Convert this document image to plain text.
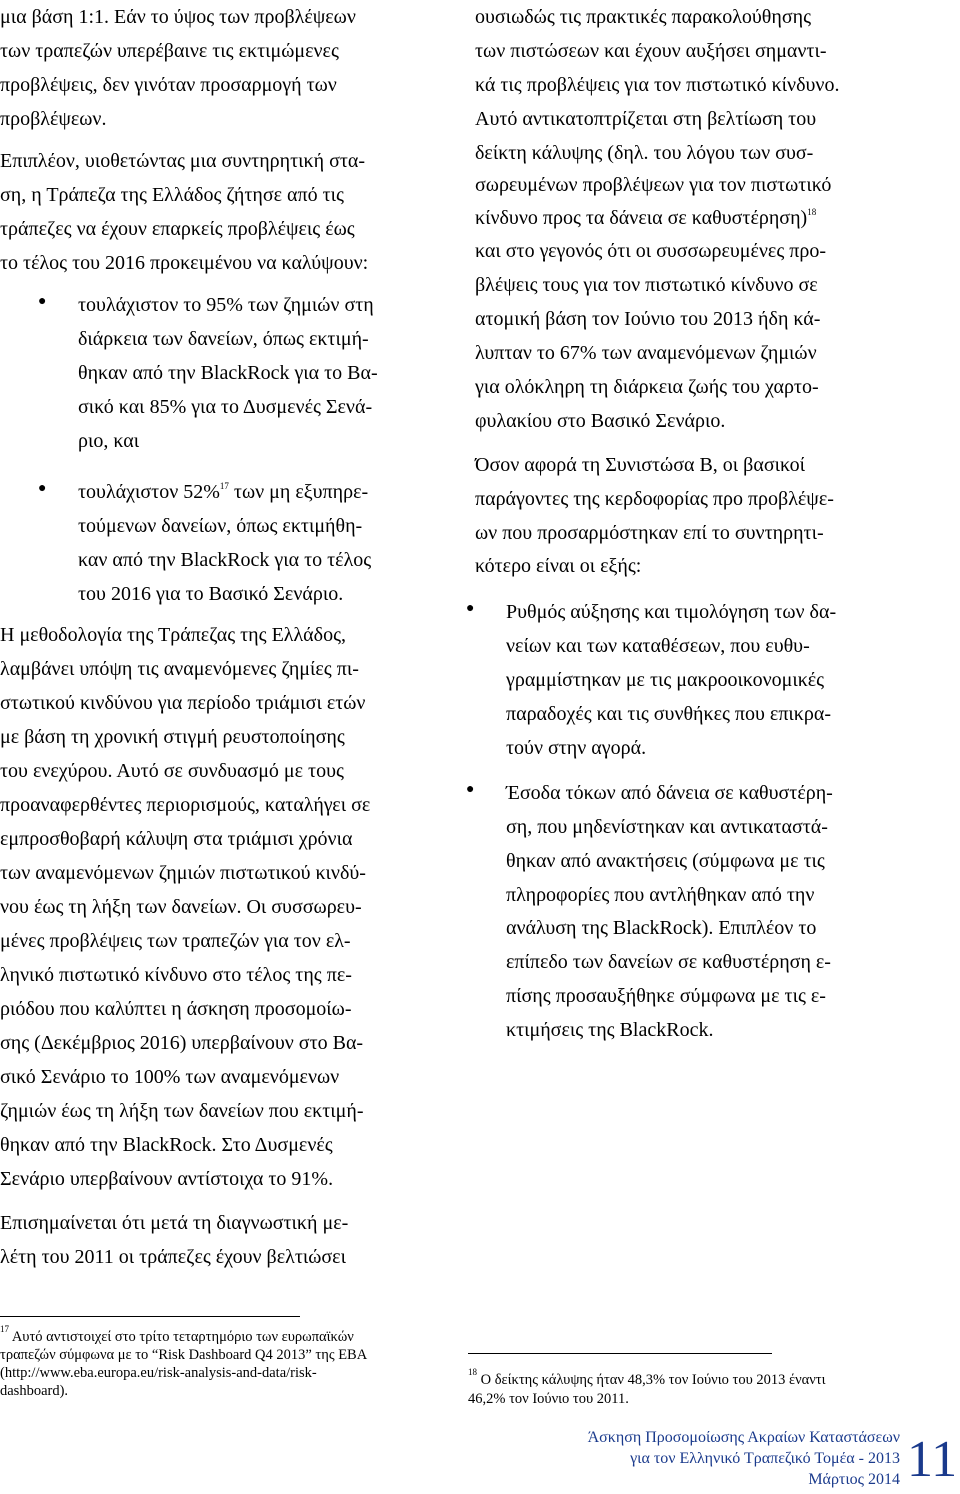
μια βάση 1:1. Εάν το ύψος των προβλέψεων
των τραπεζών υπερέβαινε τις εκτιμώμενες
προβλέψεις, δεν γινόταν προσαρμογή των
προβλέψεων.
Επιπλέον, υιοθετώντας μια συντηρητική στα-
ση, η Τράπεζα της Ελλάδος ζήτησε από τις
τράπεζες να έχουν επαρκείς προβλέψεις έως
το τέλος του 2016 προκειμένου να καλύψουν:
● τουλάχιστον το 95% των ζημιών στη
διάρκεια των δανείων, όπως εκτιμή-
θηκαν από την BlackRock για το Βα-
σικό και 85% για το Δυσμενές Σενά-
ριο, και
● τουλάχιστον 52%$^{17}$ των μη εξυπηρε-
τούμενων δανείων, όπως εκτιμήθη-
καν από την BlackRock για το τέλος
του 2016 για το Βασικό Σενάριο.
Η μεθοδολογία της Τράπεζας της Ελλάδος,
λαμβάνει υπόψη τις αναμενόμενες ζημίες πι-
στωτικού κινδύνου για περίοδο τριάμισι ετών
με βάση τη χρονική στιγμή ρευστοποίησης
του ενεχύρου. Αυτό σε συνδυασμό με τους
προαναφερθέντες περιορισμούς, καταλήγει σε
εμπροσθοβαρή κάλυψη στα τριάμισι χρόνια
των αναμενόμενων ζημιών πιστωτικού κινδύ-
νου έως τη λήξη των δανείων. Οι συσσωρευ-
μένες προβλέψεις των τραπεζών για τον ελ-
ληνικό πιστωτικό κίνδυνο στο τέλος της πε-
ριόδου που καλύπτει η άσκηση προσομοίω-
σης (Δεκέμβριος 2016) υπερβαίνουν στο Βα-
σικό Σενάριο το 100% των αναμενόμενων
ζημιών έως τη λήξη των δανείων που εκτιμή-
θηκαν από την BlackRock. Στο Δυσμενές
Σενάριο υπερβαίνουν αντίστοιχα το 91%.
Επισημαίνεται ότι μετά τη διαγνωστική με-
λέτη του 2011 οι τράπεζες έχουν βελτιώσει
ουσιωδώς τις πρακτικές παρακολούθησης
των πιστώσεων και έχουν αυξήσει σημαντι-
κά τις προβλέψεις για τον πιστωτικό κίνδυνο.
Αυτό αντικατοπτρίζεται στη βελτίωση του
δείκτη κάλυψης (δηλ. του λόγου των συσ-
σωρευμένων προβλέψεων για τον πιστωτικό
κίνδυνο προς τα δάνεια σε καθυστέρηση)$^{18}$
και στο γεγονός ότι οι συσσωρευμένες προ-
βλέψεις τους για τον πιστωτικό κίνδυνο σε
ατομική βάση τον Ιούνιο του 2013 ήδη κά-
λυπταν το 67% των αναμενόμενων ζημιών
για ολόκληρη τη διάρκεια ζωής του χαρτο-
φυλακίου στο Βασικό Σενάριο.
Όσον αφορά τη Συνιστώσα Β, οι βασικοί
παράγοντες της κερδοφορίας προ προβλέψε-
ων που προσαρμόστηκαν επί το συντηρητι-
κότερο είναι οι εξής:
● Ρυθμός αύξησης και τιμολόγηση των δα-
νείων και των καταθέσεων, που ευθυ-
γραμμίστηκαν με τις μακροοικονομικές
παραδοχές και τις συνθήκες που επικρα-
τούν στην αγορά.
● Έσοδα τόκων από δάνεια σε καθυστέρη-
ση, που μηδενίστηκαν και αντικαταστά-
θηκαν από ανακτήσεις (σύμφωνα με τις
πληροφορίες που αντλήθηκαν από την
ανάλυση της BlackRock). Επιπλέον το
επίπεδο των δανείων σε καθυστέρηση ε-
πίσης προσαυξήθηκε σύμφωνα με τις ε-
κτιμήσεις της BlackRock.
$^{17}$ Αυτό αντιστοιχεί στο τρίτο τεταρτημόριο των ευρωπαϊκών
τραπεζών σύμφωνα με το “Risk Dashboard Q4 2013” της EBA
(http://www.eba.europa.eu/risk-analysis-and-data/risk-
dashboard).
$^{18}$ Ο δείκτης κάλυψης ήταν 48,3% τον Ιούνιο του 2013 έναντι
46,2% τον Ιούνιο του 2011.
Άσκηση Προσομοίωσης Ακραίων Καταστάσεων
για τον Ελληνικό Τραπεζικό Τομέα - 2013
Μάρτιος 2014 11
